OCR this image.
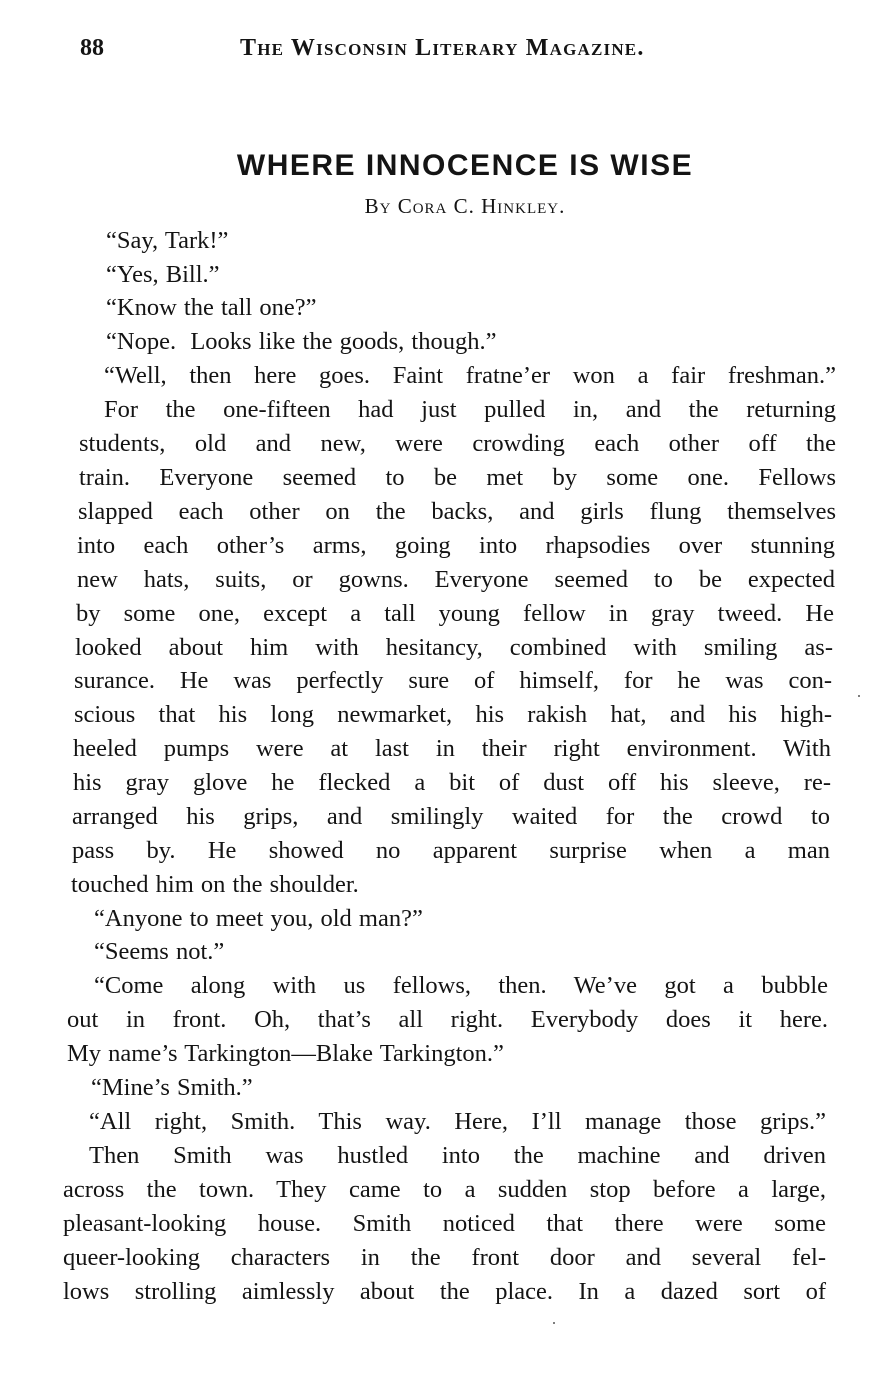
88	The Wisconsin Literary Magazine.
WHERE INNOCENCE IS WISE
By Cora C. Hinkley.
“Say, Tark!”
“Yes, Bill.”
“Know the tall one?”
“Nope.  Looks like the goods, though.”
“Well, then here goes. Faint fratne’er won a fair freshman.”
For the one-fifteen had just pulled in, and the returning
students, old and new, were crowding each other off the
train. Everyone seemed to be met by some one. Fellows
slapped each other on the backs, and girls flung themselves
into each other’s arms, going into rhapsodies over stunning
new hats, suits, or gowns. Everyone seemed to be expected
by some one, except a tall young fellow in gray tweed. He
looked about him with hesitancy, combined with smiling as-
surance. He was perfectly sure of himself, for he was con-
scious that his long newmarket, his rakish hat, and his high-
heeled pumps were at last in their right environment. With
his gray glove he flecked a bit of dust off his sleeve, re-
arranged his grips, and smilingly waited for the crowd to
pass by. He showed no apparent surprise when a man
touched him on the shoulder.
“Anyone to meet you, old man?”
“Seems not.”
“Come along with us fellows, then. We’ve got a bubble
out in front. Oh, that’s all right. Everybody does it here.
My name’s Tarkington—Blake Tarkington.”
“Mine’s Smith.”
“All right, Smith. This way. Here, I’ll manage those grips.”
Then Smith was hustled into the machine and driven
across the town. They came to a sudden stop before a large,
pleasant-looking house. Smith noticed that there were some
queer-looking characters in the front door and several fel-
lows strolling aimlessly about the place. In a dazed sort of
